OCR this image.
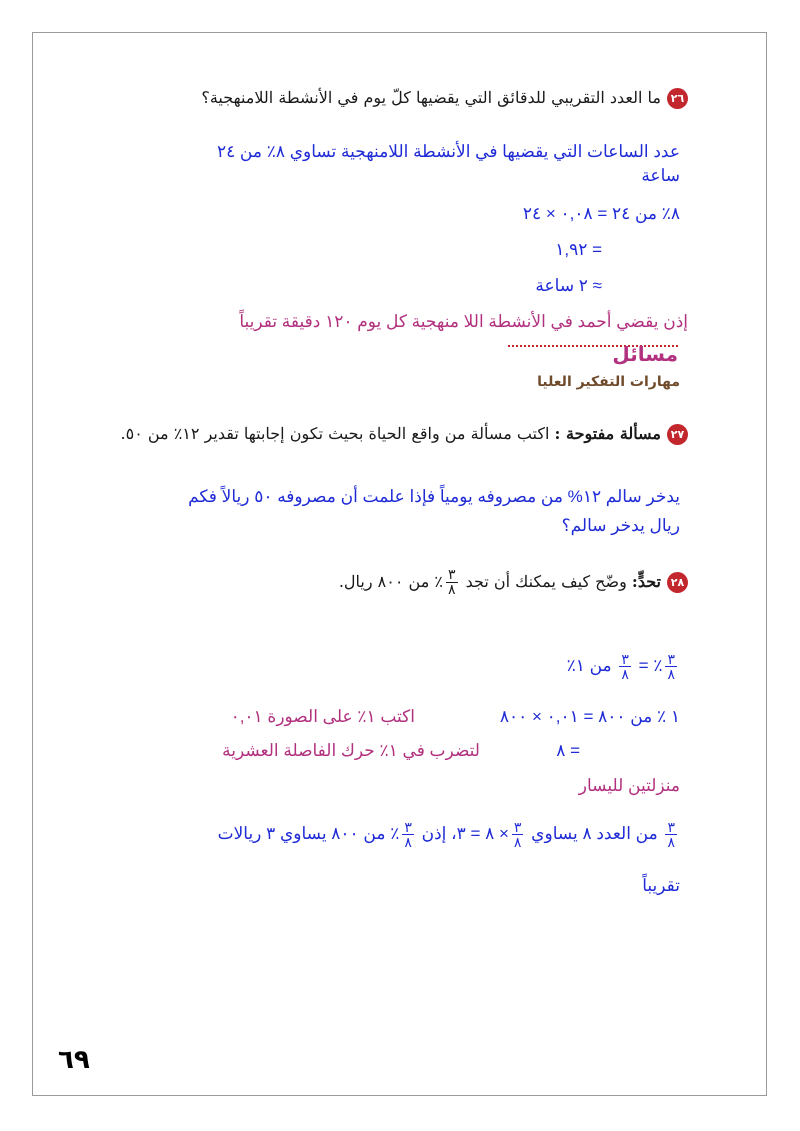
٢٦ما العدد التقريبي للدقائق التي يقضيها كلّ يوم في الأنشطة اللامنهجية؟
عدد الساعات التي يقضيها في الأنشطة اللامنهجية تساوي ٨٪ من ٢٤
ساعة
٨٪ من ٢٤ = ٠,٠٨ × ٢٤
= ١,٩٢
≈ ٢ ساعة
إذن يقضي أحمد في الأنشطة اللا منهجية كل يوم ١٢٠ دقيقة تقريباً
مسائل
مهارات التفكير العليا
٢٧مسألة مفتوحة : اكتب مسألة من واقع الحياة بحيث تكون إجابتها تقدير ١٢٪ من ٥٠.
يدخر سالم ١٢% من مصروفه يومياً فإذا علمت أن مصروفه ٥٠ ريالاً فكم
ريال يدخر سالم؟
٢٨تحدٍّ: وضّح كيف يمكنك أن تجد
$\frac{٣}{٨}$
٪ من ٨٠٠ ريال.
$\frac{٣}{٨}$
٪ =
$\frac{٣}{٨}$
من ١٪
١ ٪ من ٨٠٠ = ٠,٠١ × ٨٠٠
اكتب ١٪ على الصورة ٠,٠١
= ٨
لتضرب في ١٪ حرك الفاصلة العشرية
منزلتين لليسار
$\frac{٣}{٨}$
من العدد ٨ يساوي
$\frac{٣}{٨}$
× ٨ = ٣، إذن
$\frac{٣}{٨}$
٪ من ٨٠٠ يساوي ٣ ريالات
تقريباً
٦٩
